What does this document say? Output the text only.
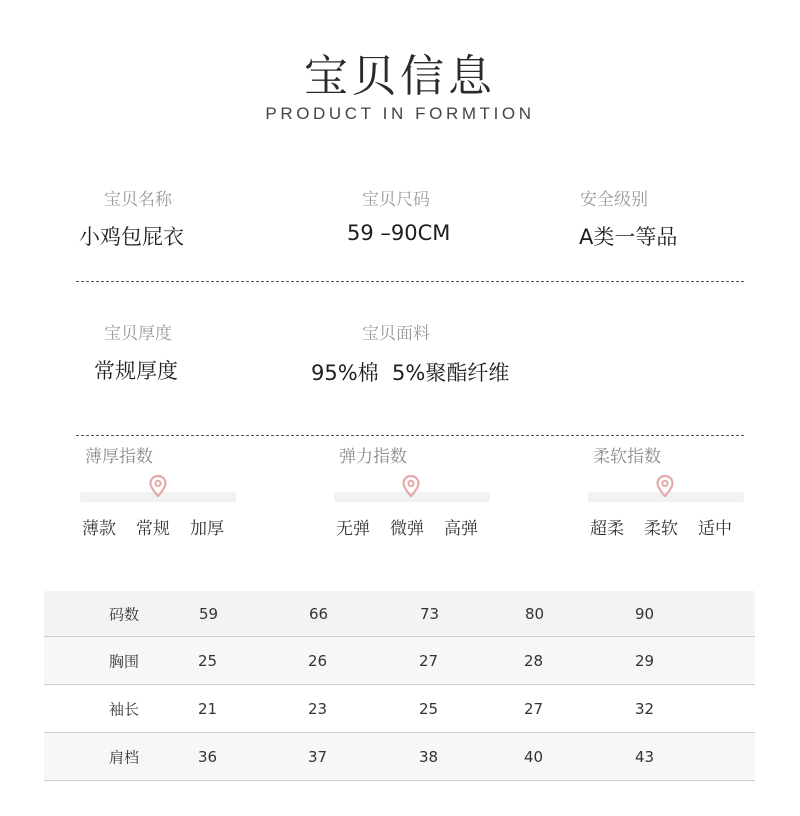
宝贝信息
PRODUCT IN FORMTION
宝贝名称
小鸡包屁衣
宝贝尺码
59 –90CM
安全级别
A类一等品
宝贝厚度
常规厚度
宝贝面料
95%棉  5%聚酯纤维
薄厚指数
薄款 常规 加厚
弹力指数
无弹 微弹 高弹
柔软指数
超柔 柔软 适中
码数	59	66	73	80	90
胸围	25	26	27	28	29
袖长	21	23	25	27	32
肩档	36	37	38	40	43
